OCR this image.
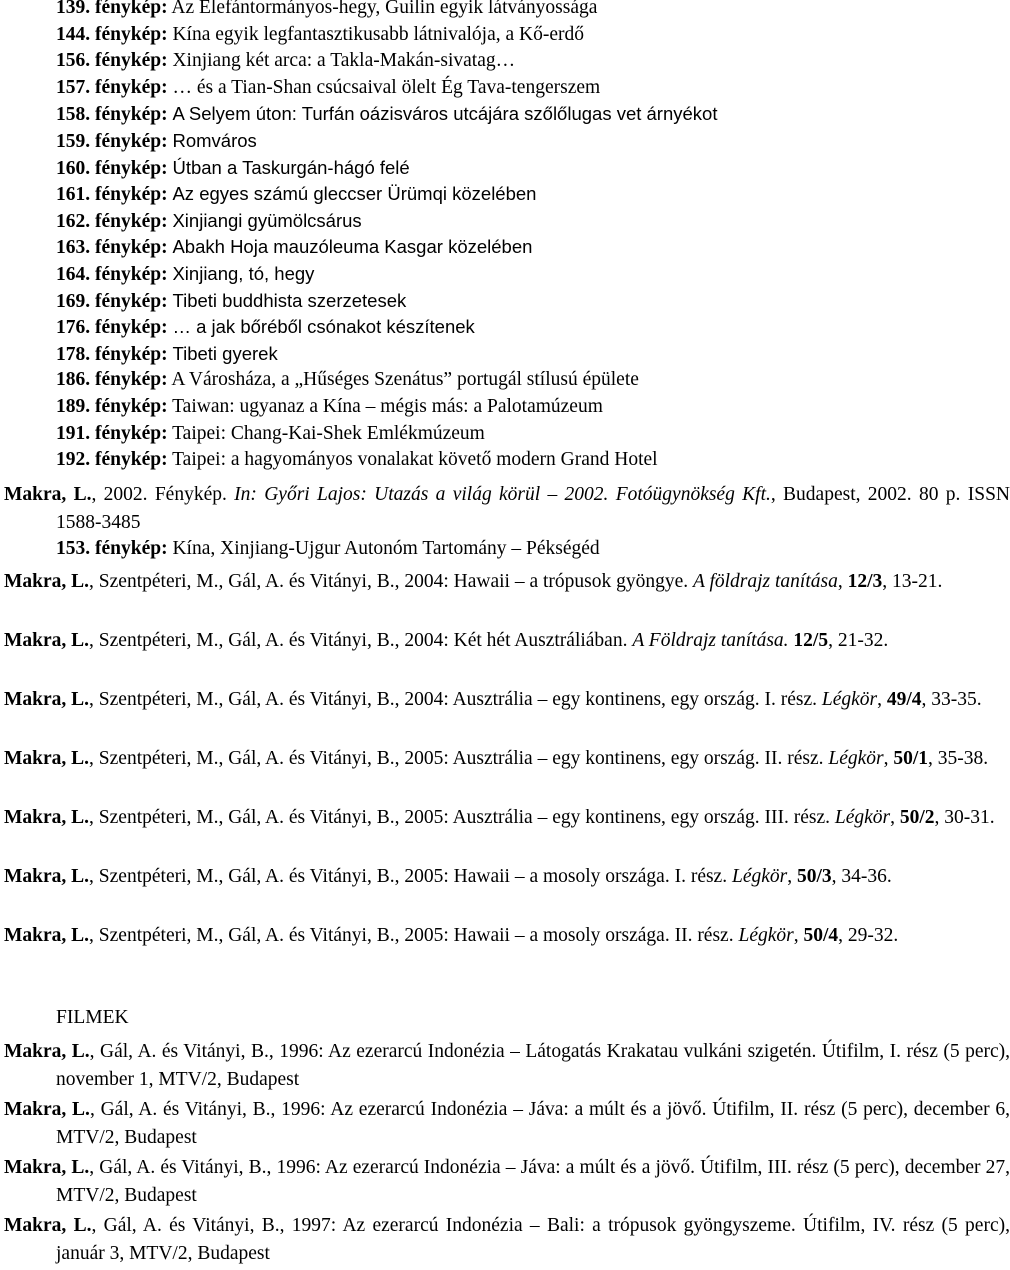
139. fénykép: Az Elefántormányos-hegy, Guilin egyik látványossága
144. fénykép: Kína egyik legfantasztikusabb látnivalója, a Kő-erdő
156. fénykép: Xinjiang két arca: a Takla-Makán-sivatag…
157. fénykép: … és a Tian-Shan csúcsaival ölelt Ég Tava-tengerszem
158. fénykép: A Selyem úton: Turfán oázisváros utcájára szőlőlugas vet árnyékot
159. fénykép: Romváros
160. fénykép: Útban a Taskurgán-hágó felé
161. fénykép: Az egyes számú gleccser Ürümqi közelében
162. fénykép: Xinjiangi gyümölcsárus
163. fénykép: Abakh Hoja mauzóleuma Kasgar közelében
164. fénykép: Xinjiang, tó, hegy
169. fénykép: Tibeti buddhista szerzetesek
176. fénykép: … a jak bőréből csónakot készítenek
178. fénykép: Tibeti gyerek
186. fénykép: A Városháza, a „Hűséges Szenátus” portugál stílusú épülete
189. fénykép: Taiwan: ugyanaz a Kína – mégis más: a Palotamúzeum
191. fénykép: Taipei: Chang-Kai-Shek Emlékmúzeum
192. fénykép: Taipei: a hagyományos vonalakat követő modern Grand Hotel
Makra, L., 2002. Fénykép. In: Győri Lajos: Utazás a világ körül – 2002. Fotóügynökség Kft., Budapest, 2002. 80 p. ISSN 1588-3485
153. fénykép: Kína, Xinjiang-Ujgur Autonóm Tartomány – Pékségéd
Makra, L., Szentpéteri, M., Gál, A. és Vitányi, B., 2004: Hawaii – a trópusok gyöngye. A földrajz tanítása, 12/3, 13-21.
Makra, L., Szentpéteri, M., Gál, A. és Vitányi, B., 2004: Két hét Ausztráliában. A Földrajz tanítása. 12/5, 21-32.
Makra, L., Szentpéteri, M., Gál, A. és Vitányi, B., 2004: Ausztrália – egy kontinens, egy ország. I. rész. Légkör, 49/4, 33-35.
Makra, L., Szentpéteri, M., Gál, A. és Vitányi, B., 2005: Ausztrália – egy kontinens, egy ország. II. rész. Légkör, 50/1, 35-38.
Makra, L., Szentpéteri, M., Gál, A. és Vitányi, B., 2005: Ausztrália – egy kontinens, egy ország. III. rész. Légkör, 50/2, 30-31.
Makra, L., Szentpéteri, M., Gál, A. és Vitányi, B., 2005: Hawaii – a mosoly országa. I. rész. Légkör, 50/3, 34-36.
Makra, L., Szentpéteri, M., Gál, A. és Vitányi, B., 2005: Hawaii – a mosoly országa. II. rész. Légkör, 50/4, 29-32.
FILMEK
Makra, L., Gál, A. és Vitányi, B., 1996: Az ezerarcú Indonézia – Látogatás Krakatau vulkáni szigetén. Útifilm, I. rész (5 perc), november 1, MTV/2, Budapest
Makra, L., Gál, A. és Vitányi, B., 1996: Az ezerarcú Indonézia – Jáva: a múlt és a jövő. Útifilm, II. rész (5 perc), december 6, MTV/2, Budapest
Makra, L., Gál, A. és Vitányi, B., 1996: Az ezerarcú Indonézia – Jáva: a múlt és a jövő. Útifilm, III. rész (5 perc), december 27, MTV/2, Budapest
Makra, L., Gál, A. és Vitányi, B., 1997: Az ezerarcú Indonézia – Bali: a trópusok gyöngyszeme. Útifilm, IV. rész (5 perc), január 3, MTV/2, Budapest
